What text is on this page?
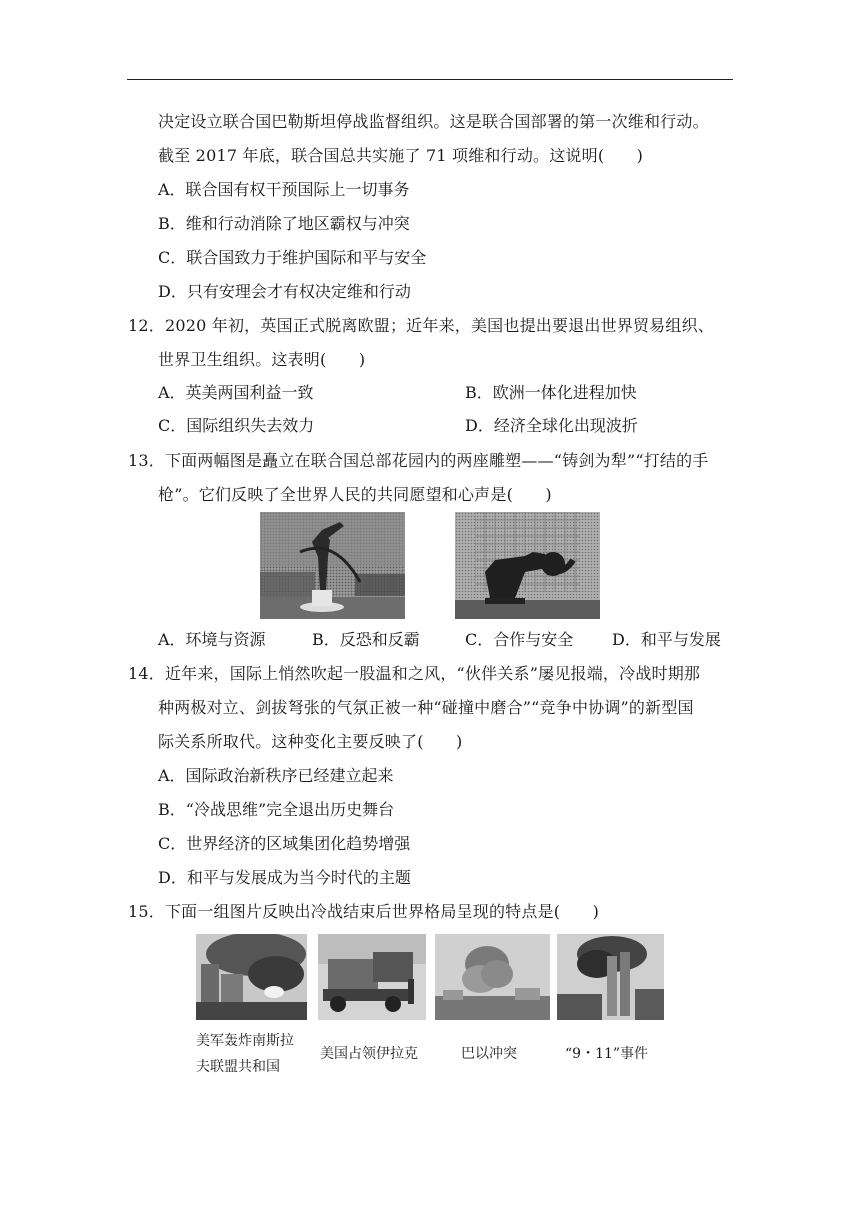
决定设立联合国巴勒斯坦停战监督组织。这是联合国部署的第一次维和行动。
截至 2017 年底，联合国总共实施了 71 项维和行动。这说明(　　)
A．联合国有权干预国际上一切事务
B．维和行动消除了地区霸权与冲突
C．联合国致力于维护国际和平与安全
D．只有安理会才有权决定维和行动
12．2020 年初，英国正式脱离欧盟；近年来，美国也提出要退出世界贸易组织、
世界卫生组织。这表明(　　)
A．英美两国利益一致	B．欧洲一体化进程加快
C．国际组织失去效力	D．经济全球化出现波折
13．下面两幅图是矗立在联合国总部花园内的两座雕塑——“铸剑为犁”“打结的手
枪”。它们反映了全世界人民的共同愿望和心声是(　　)
A．环境与资源	B．反恐和反霸	C．合作与安全 D．和平与发展
14．近年来，国际上悄然吹起一股温和之风，“伙伴关系”屡见报端，冷战时期那
种两极对立、剑拔弩张的气氛正被一种“碰撞中磨合”“竞争中协调”的新型国
际关系所取代。这种变化主要反映了(　　)
A．国际政治新秩序已经建立起来
B．“冷战思维”完全退出历史舞台
C．世界经济的区域集团化趋势增强
D．和平与发展成为当今时代的主题
15．下面一组图片反映出冷战结束后世界格局呈现的特点是(　　)
美军轰炸南斯拉
夫联盟共和国
美国占领伊拉克	巴以冲突	“9・11”事件
